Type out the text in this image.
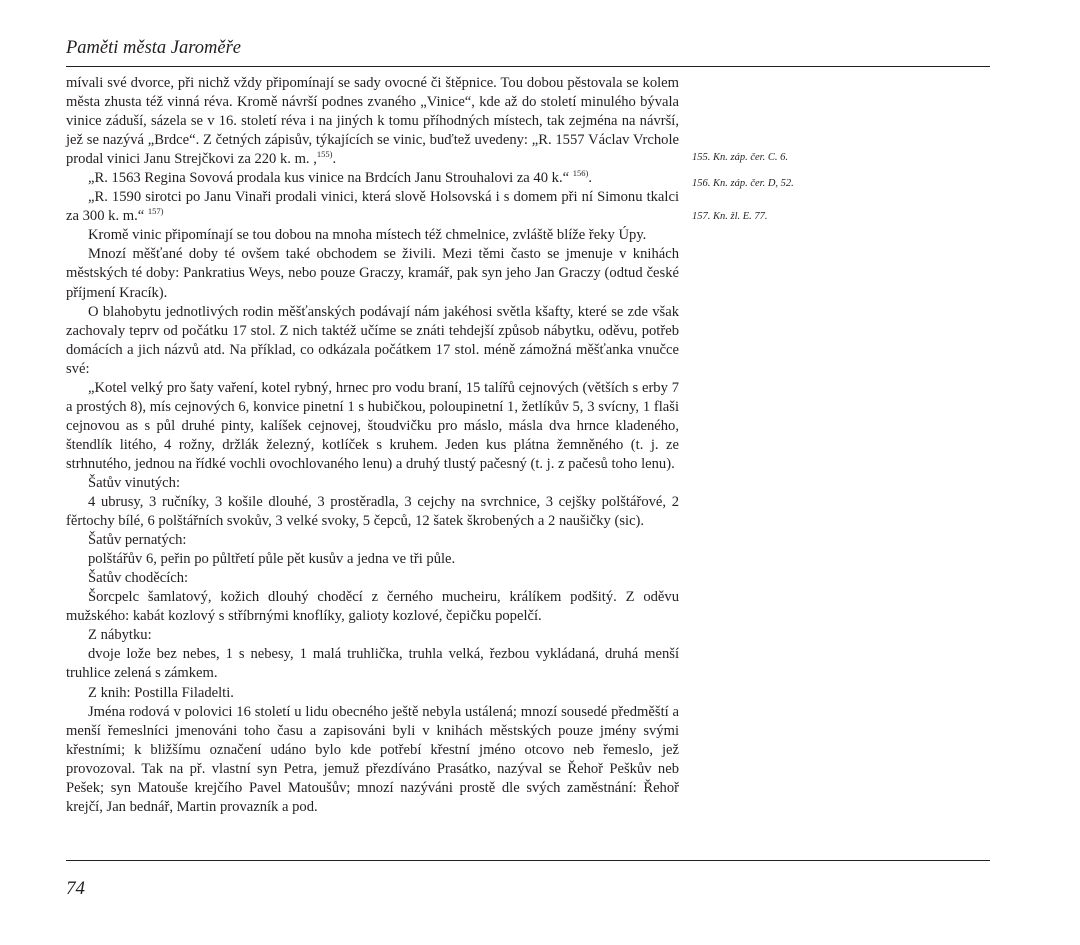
Paměti města Jaroměře

mívali své dvorce, při nichž vždy připomínají se sady ovocné či štěpnice. Tou dobou pěstovala se kolem města zhusta též vinná réva. Kromě návrší podnes zvaného „Vinice“, kde až do století minulého bývala vinice záduší, sázela se v 16. století réva i na jiných k tomu příhodných místech, tak zejména na návrší, jež se nazývá „Brdce“. Z četných zápisův, týkajících se vinic, buďtež uvedeny: „R. 1557 Václav Vrchole prodal vinici Janu Strejčkovi za 220 k. m. ,$^{155)}$.

„R. 1563 Regina Sovová prodala kus vinice na Brdcích Janu Strouhalovi za 40 k.“ $^{156)}$.

„R. 1590 sirotci po Janu Vinaři prodali vinici, která slově Holsovská i s domem při ní Simonu tkalci za 300 k. m.“ $^{157)}$

Kromě vinic připomínají se tou dobou na mnoha místech též chmelnice, zvláště blíže řeky Úpy.

Mnozí měšťané doby té ovšem také obchodem se živili. Mezi těmi často se jmenuje v knihách městských té doby: Pankratius Weys, nebo pouze Graczy, kramář, pak syn jeho Jan Graczy (odtud české příjmení Kracík).

O blahobytu jednotlivých rodin měšťanských podávají nám jakéhosi světla kšafty, které se zde však zachovaly teprv od počátku 17 stol. Z nich taktéž učíme se znáti tehdejší způsob nábytku, oděvu, potřeb domácích a jich názvů atd. Na příklad, co odkázala počátkem 17 stol. méně zámožná měšťanka vnučce své:

„Kotel velký pro šaty vaření, kotel rybný, hrnec pro vodu braní, 15 talířů cejnových (větších s erby 7 a prostých 8), mís cejnových 6, konvice pinetní 1 s hubičkou, poloupinetní 1, žetlíkův 5, 3 svícny, 1 flaši cejnovou as s půl druhé pinty, kalíšek cejnovej, štoudvičku pro máslo, másla dva hrnce kladeného, štendlík litého, 4 rožny, držlák železný, kotlíček s kruhem. Jeden kus plátna žemněného (t. j. ze strhnutého, jednou na řídké vochli ovochlovaného lenu) a druhý tlustý pačesný (t. j. z pačesů toho lenu).

Šatův vinutých:

4 ubrusy, 3 ručníky, 3 košile dlouhé, 3 prostěradla, 3 cejchy na svrchnice, 3 cejšky polštářové, 2 fěrtochy bílé, 6 polštářních svokův, 3 velké svoky, 5 čepců, 12 šatek škrobených a 2 naušičky (sic).

Šatův pernatých:

polštářův 6, peřin po půltřetí půle pět kusův a jedna ve tři půle.

Šatův choděcích:

Šorcpelc šamlatový, kožich dlouhý choděcí z černého mucheiru, králíkem podšitý. Z oděvu mužského: kabát kozlový s stříbrnými knoflíky, galioty kozlové, čepičku popelčí.

Z nábytku:

dvoje lože bez nebes, 1 s nebesy, 1 malá truhlička, truhla velká, řezbou vykládaná, druhá menší truhlice zelená s zámkem.

Z knih: Postilla Filadelti.

Jména rodová v polovici 16 století u lidu obecného ještě nebyla ustálená; mnozí sousedé předměští a menší řemeslníci jmenováni toho času a zapisováni byli v knihách městských pouze jmény svými křestními; k bližšímu označení udáno bylo kde potřebí křestní jméno otcovo neb řemeslo, jež provozoval. Tak na př. vlastní syn Petra, jemuž přezdíváno Prasátko, nazýval se Řehoř Peškův neb Pešek; syn Matouše krejčího Pavel Matoušův; mnozí nazýváni prostě dle svých zaměstnání: Řehoř krejčí, Jan bednář, Martin provazník a pod.

155. Kn. záp. čer. C. 6.
156. Kn. záp. čer. D, 52.
157. Kn. žl. E. 77.
74
